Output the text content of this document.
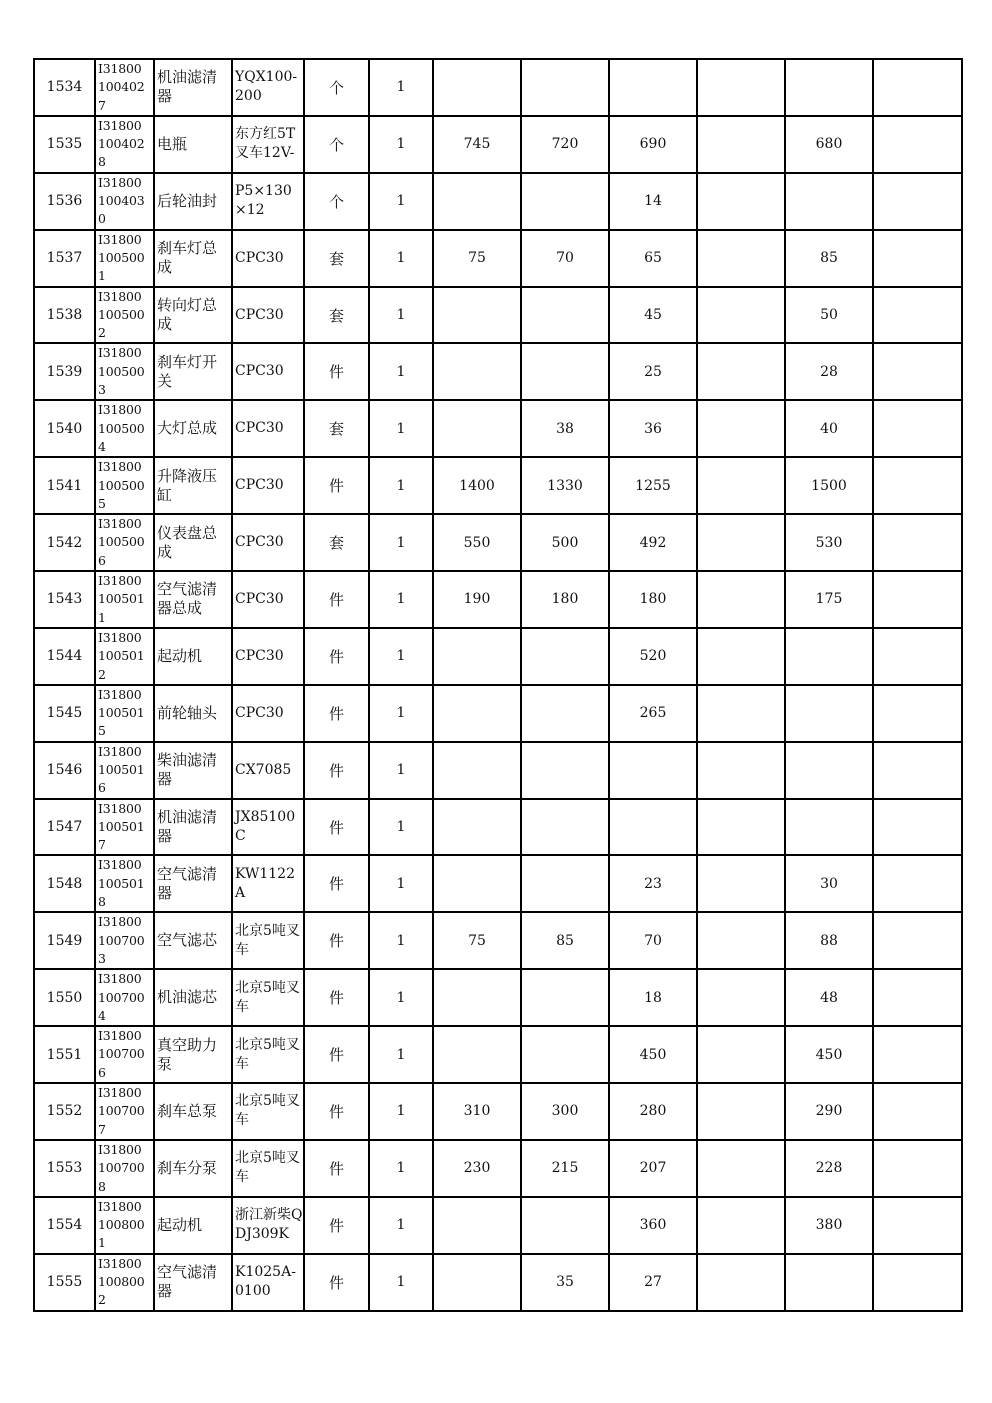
1534	I31800
100402
7	机油滤清器	YQX100-200	个	1						
1535	I31800
100402
8	电瓶	东方红5T叉车12V-	个	1	745	720	690		680	
1536	I31800
100403
0	后轮油封	P5×130×12	个	1			14			
1537	I31800
100500
1	刹车灯总成	CPC30	套	1	75	70	65		85	
1538	I31800
100500
2	转向灯总成	CPC30	套	1			45		50	
1539	I31800
100500
3	刹车灯开关	CPC30	件	1			25		28	
1540	I31800
100500
4	大灯总成	CPC30	套	1		38	36		40	
1541	I31800
100500
5	升降液压缸	CPC30	件	1	1400	1330	1255		1500	
1542	I31800
100500
6	仪表盘总成	CPC30	套	1	550	500	492		530	
1543	I31800
100501
1	空气滤清器总成	CPC30	件	1	190	180	180		175	
1544	I31800
100501
2	起动机	CPC30	件	1			520			
1545	I31800
100501
5	前轮轴头	CPC30	件	1			265			
1546	I31800
100501
6	柴油滤清器	CX7085	件	1						
1547	I31800
100501
7	机油滤清器	JX85100C	件	1						
1548	I31800
100501
8	空气滤清器	KW1122A	件	1			23		30	
1549	I31800
100700
3	空气滤芯	北京5吨叉车	件	1	75	85	70		88	
1550	I31800
100700
4	机油滤芯	北京5吨叉车	件	1			18		48	
1551	I31800
100700
6	真空助力泵	北京5吨叉车	件	1			450		450	
1552	I31800
100700
7	刹车总泵	北京5吨叉车	件	1	310	300	280		290	
1553	I31800
100700
8	刹车分泵	北京5吨叉车	件	1	230	215	207		228	
1554	I31800
100800
1	起动机	浙江新柴QDJ309K	件	1			360		380	
1555	I31800
100800
2	空气滤清器	K1025A-0100	件	1		35	27			
